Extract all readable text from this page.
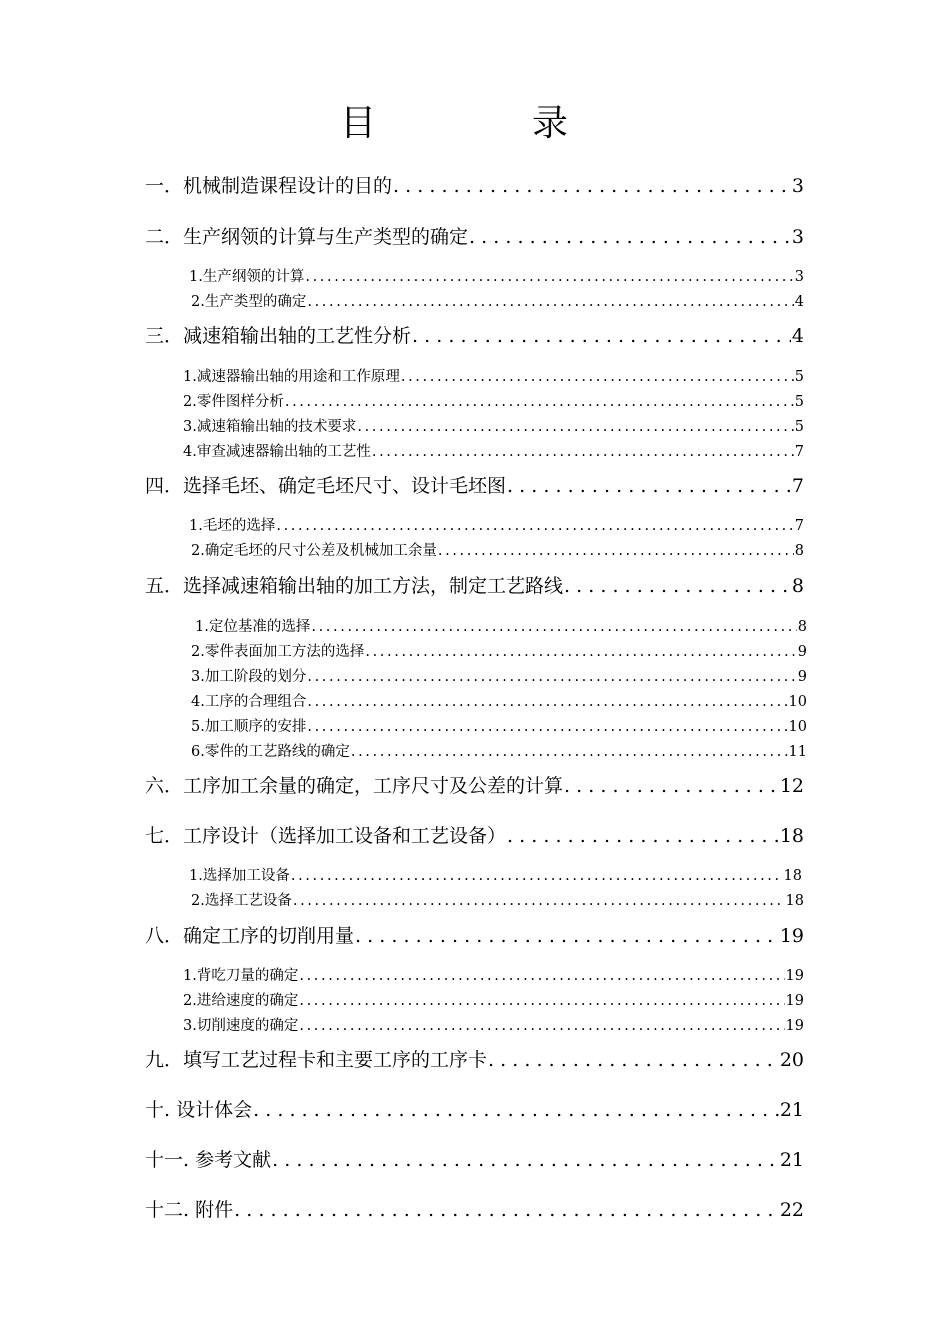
目	录
一．机械制造课程设计的目的 .....	3
二．生产纲领的计算与生产类型的确定 .....	3
1.生产纲领的计算 .....	3
2.生产类型的确定 .....	4
三．减速箱输出轴的工艺性分析 .....	4
1.减速器输出轴的用途和工作原理 .....	5
2.零件图样分析 .....	5
3.减速箱输出轴的技术要求 .....	5
4.审查减速器输出轴的工艺性 .....	7
四．选择毛坯、确定毛坯尺寸、设计毛坯图 .....	7
1.毛坯的选择 .....	7
2.确定毛坯的尺寸公差及机械加工余量 .....	8
五．选择减速箱输出轴的加工方法，制定工艺路线 .....	8
1.定位基准的选择 .....	8
2.零件表面加工方法的选择 .....	9
3.加工阶段的划分 .....	9
4.工序的合理组合 .....	10
5.加工顺序的安排 .....	10
6.零件的工艺路线的确定 .....	11
六．工序加工余量的确定，工序尺寸及公差的计算 .....	12
七．工序设计（选择加工设备和工艺设备） .....	18
1.选择加工设备 .....	18
2.选择工艺设备 .....	18
八．确定工序的切削用量 .....	19
1.背吃刀量的确定 .....	19
2.进给速度的确定 .....	19
3.切削速度的确定 .....	19
九．填写工艺过程卡和主要工序的工序卡 .....	20
十. 设计体会 .....	21
十一. 参考文献 .....	21
十二. 附件 .....	22
